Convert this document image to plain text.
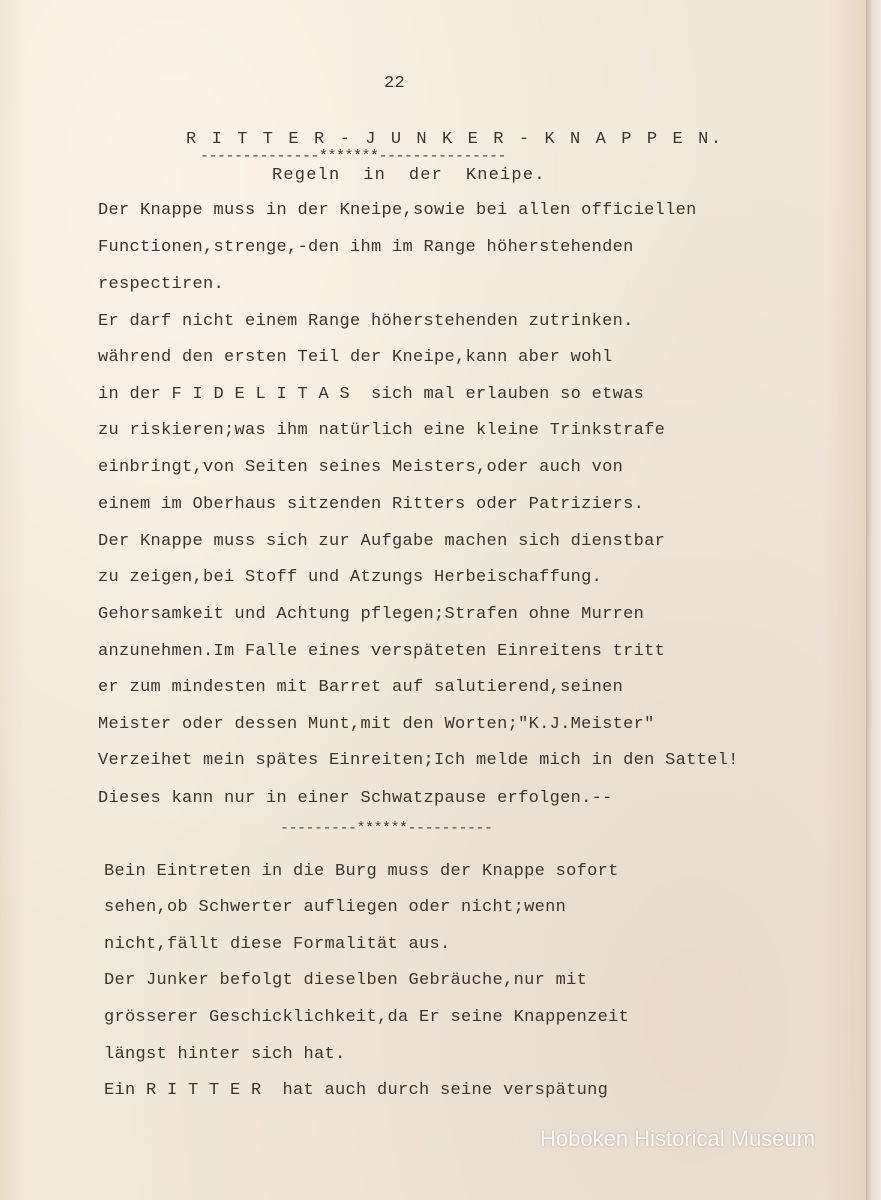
22

R I T T E R - J U N K E R - K N A P P E N.

--------------*******---------------

Regeln  in  der  Kneipe.

Der Knappe muss in der Kneipe,sowie bei allen officiellen

Functionen,strenge,-den ihm im Range höherstehenden

respectiren.

Er darf nicht einem Range höherstehenden zutrinken.

während den ersten Teil der Kneipe,kann aber wohl

in der F I D E L I T A S  sich mal erlauben so etwas

zu riskieren;was ihm natürlich eine kleine Trinkstrafe

einbringt,von Seiten seines Meisters,oder auch von

einem im Oberhaus sitzenden Ritters oder Patriziers.

Der Knappe muss sich zur Aufgabe machen sich dienstbar

zu zeigen,bei Stoff und Atzungs Herbeischaffung.

Gehorsamkeit und Achtung pflegen;Strafen ohne Murren

anzunehmen.Im Falle eines verspäteten Einreitens tritt

er zum mindesten mit Barret auf salutierend,seinen

Meister oder dessen Munt,mit den Worten;"K.J.Meister"

Verzeihet mein spätes Einreiten;Ich melde mich in den Sattel!

Dieses kann nur in einer Schwatzpause erfolgen.--

---------******----------

Bein Eintreten in die Burg muss der Knappe sofort

sehen,ob Schwerter aufliegen oder nicht;wenn

nicht,fällt diese Formalität aus.

Der Junker befolgt dieselben Gebräuche,nur mit

grösserer Geschicklichkeit,da Er seine Knappenzeit

längst hinter sich hat.

Ein R I T T E R  hat auch durch seine verspätung

Hoboken Historical Museum
